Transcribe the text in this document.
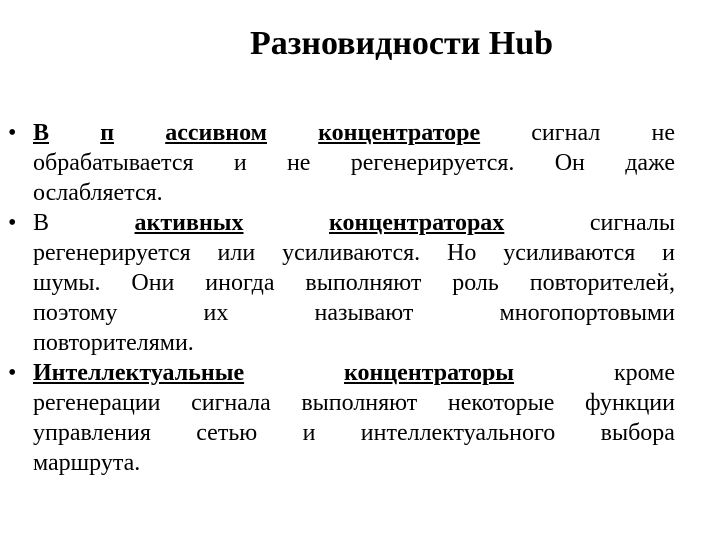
Разновидности Hub
• В п ассивном концентраторе сигнал не
обрабатывается и не регенерируется. Он даже
ослабляется.
• В	активных	концентраторах	сигналы
регенерируется или усиливаются. Но усиливаются и
шумы. Они иногда выполняют роль повторителей,
поэтому	их	называют	многопортовыми
повторителями.
• Интеллектуальные	концентраторы	кроме
регенерации сигнала выполняют некоторые функции
управления сетью и интеллектуального выбора
маршрута.
